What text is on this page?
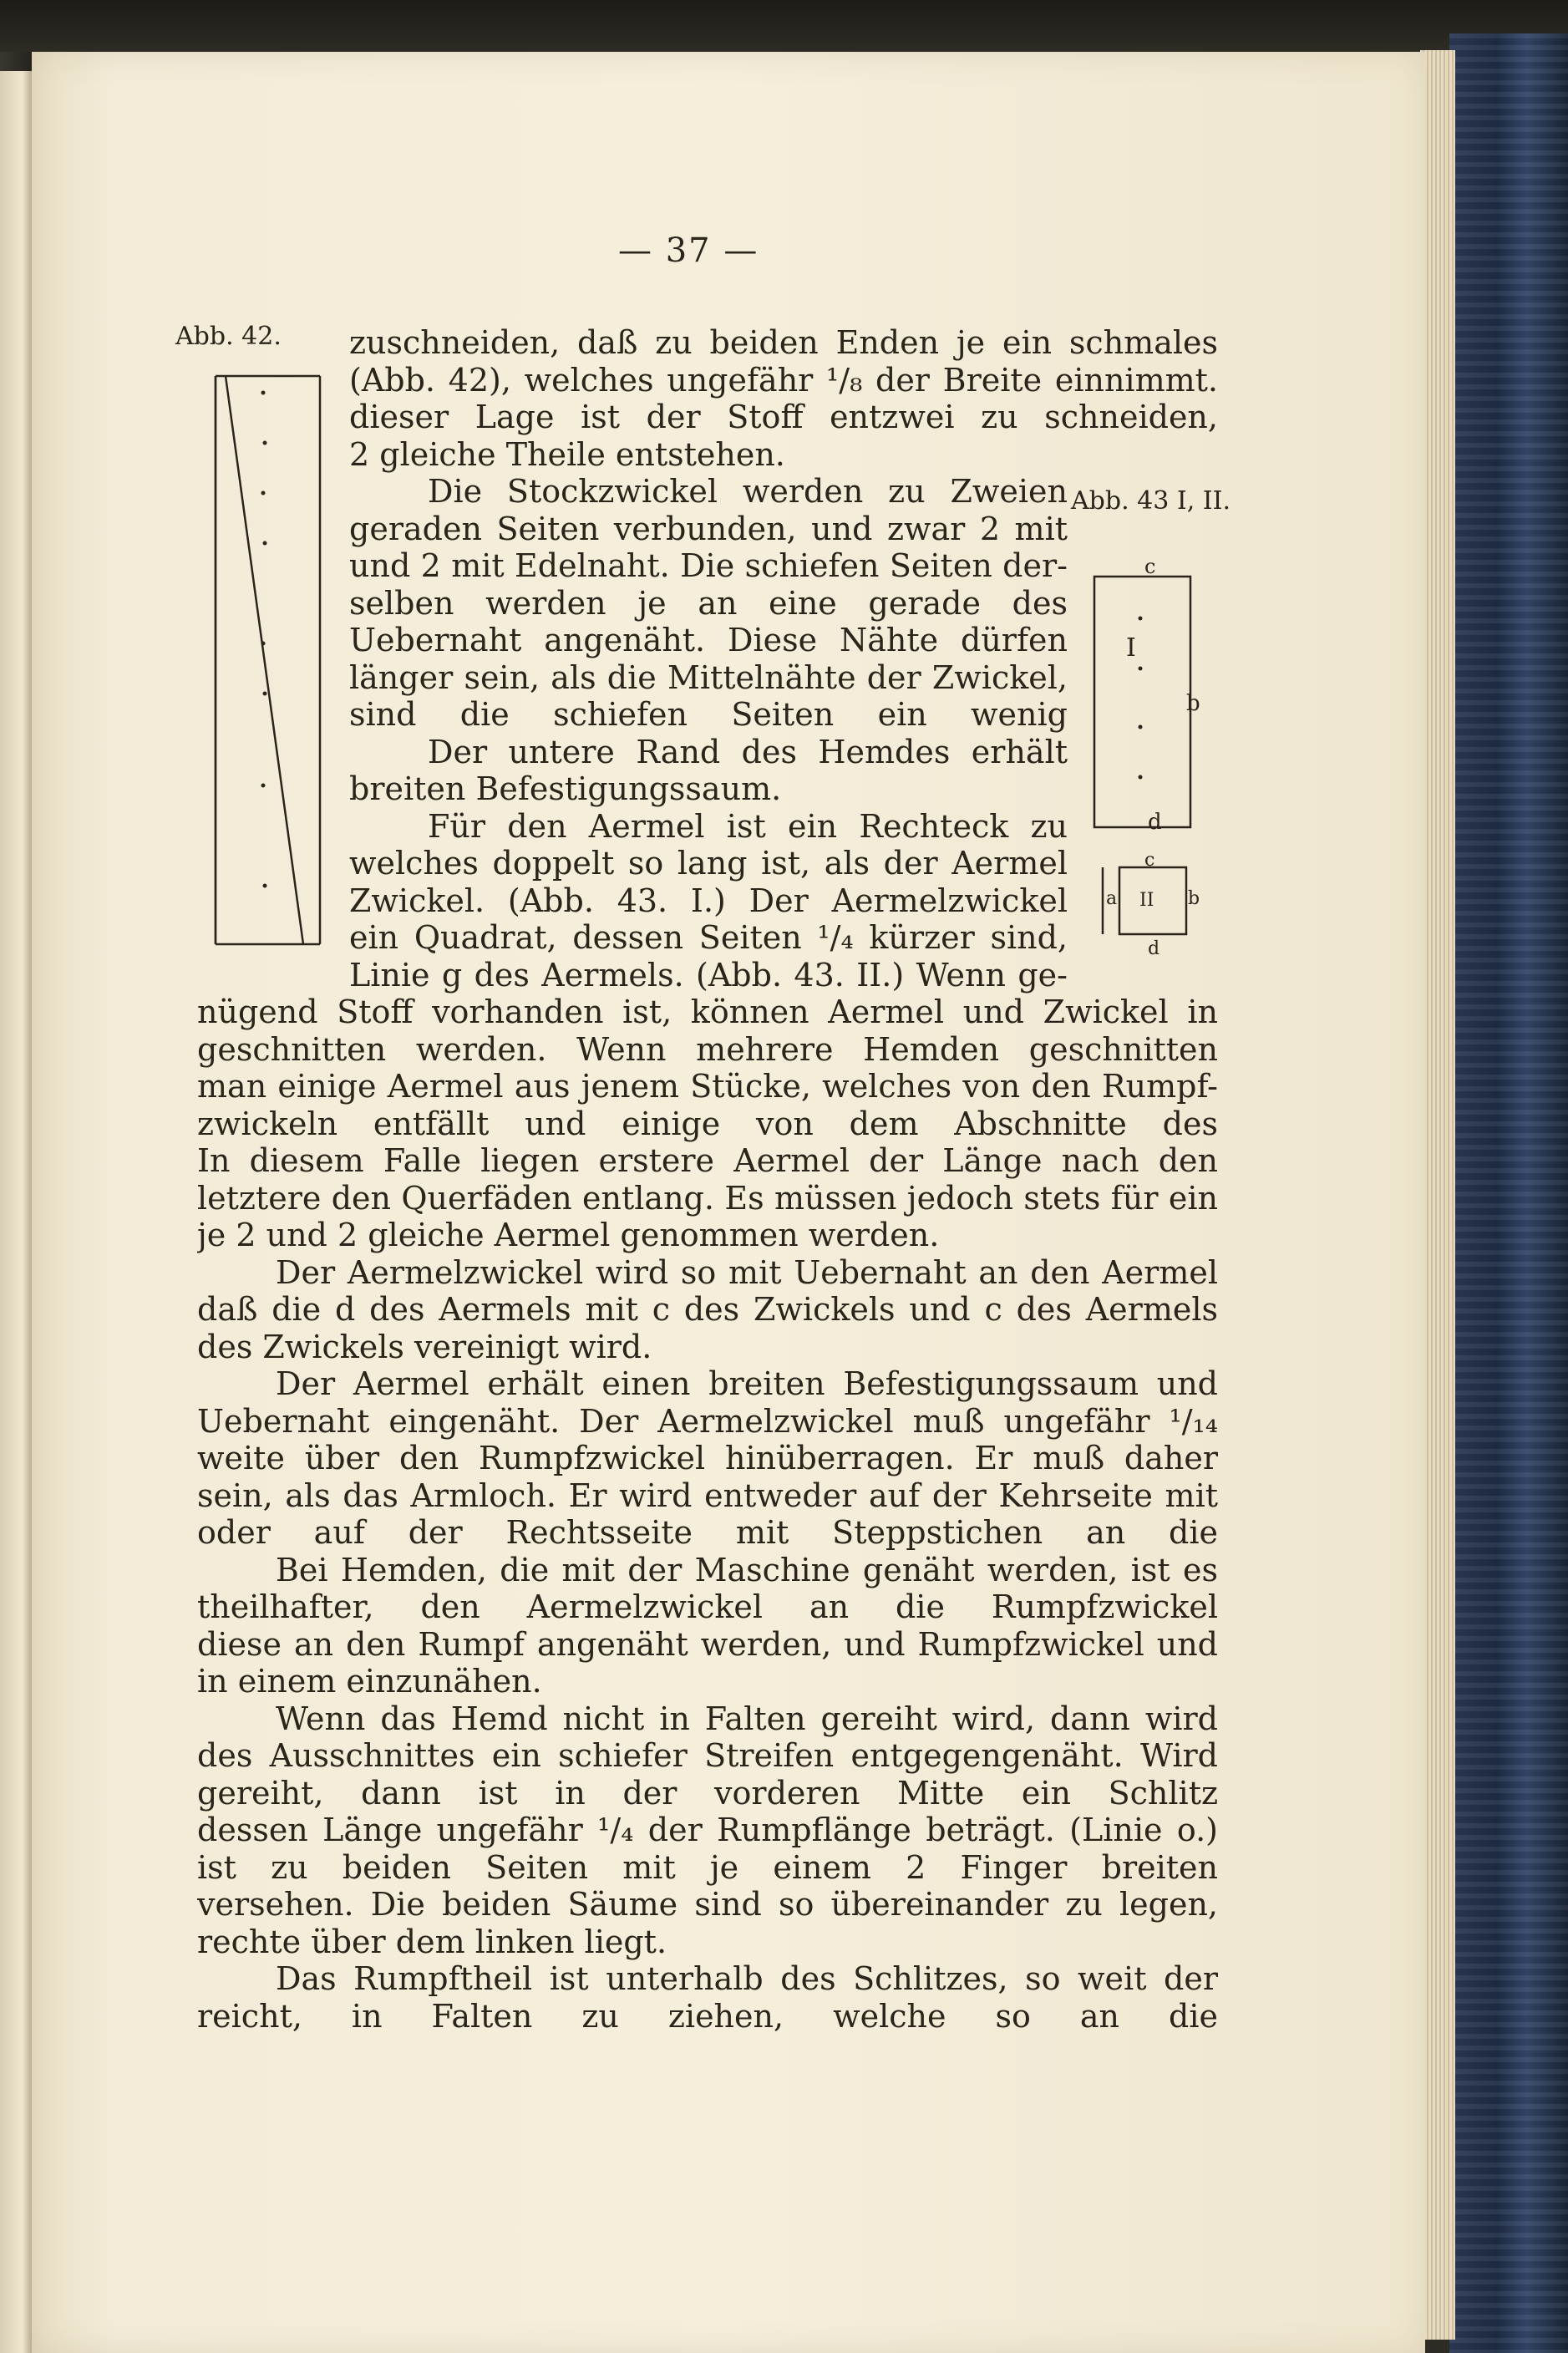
— 37 —
Abb. 42.
Abb. 43 I, II.
c
I
b
d
c
a II b
d
zuschneiden, daß zu beiden Enden je ein schmales
(Abb. 42), welches ungefähr ¹/₈ der Breite einnimmt.
dieser Lage ist der Stoff entzwei zu schneiden,
2 gleiche Theile entstehen.
Die Stockzwickel werden zu Zweien
geraden Seiten verbunden, und zwar 2 mit
und 2 mit Edelnaht. Die schiefen Seiten der-
selben werden je an eine gerade des
Uebernaht angenäht. Diese Nähte dürfen
länger sein, als die Mittelnähte der Zwickel,
sind die schiefen Seiten ein wenig
Der untere Rand des Hemdes erhält
breiten Befestigungssaum.
Für den Aermel ist ein Rechteck zu
welches doppelt so lang ist, als der Aermel
Zwickel. (Abb. 43. I.) Der Aermelzwickel
ein Quadrat, dessen Seiten ¹/₄ kürzer sind,
Linie g des Aermels. (Abb. 43. II.) Wenn ge-
nügend Stoff vorhanden ist, können Aermel und Zwickel in
geschnitten werden. Wenn mehrere Hemden geschnitten
man einige Aermel aus jenem Stücke, welches von den Rumpf-
zwickeln entfällt und einige von dem Abschnitte des
In diesem Falle liegen erstere Aermel der Länge nach den
letztere den Querfäden entlang. Es müssen jedoch stets für ein
je 2 und 2 gleiche Aermel genommen werden.
Der Aermelzwickel wird so mit Uebernaht an den Aermel
daß die d des Aermels mit c des Zwickels und c des Aermels
des Zwickels vereinigt wird.
Der Aermel erhält einen breiten Befestigungssaum und
Uebernaht eingenäht. Der Aermelzwickel muß ungefähr ¹/₁₄
weite über den Rumpfzwickel hinüberragen. Er muß daher
sein, als das Armloch. Er wird entweder auf der Kehrseite mit
oder auf der Rechtsseite mit Steppstichen an die
Bei Hemden, die mit der Maschine genäht werden, ist es
theilhafter, den Aermelzwickel an die Rumpfzwickel
diese an den Rumpf angenäht werden, und Rumpfzwickel und
in einem einzunähen.
Wenn das Hemd nicht in Falten gereiht wird, dann wird
des Ausschnittes ein schiefer Streifen entgegengenäht. Wird
gereiht, dann ist in der vorderen Mitte ein Schlitz
dessen Länge ungefähr ¹/₄ der Rumpflänge beträgt. (Linie o.)
ist zu beiden Seiten mit je einem 2 Finger breiten
versehen. Die beiden Säume sind so übereinander zu legen,
rechte über dem linken liegt.
Das Rumpftheil ist unterhalb des Schlitzes, so weit der
reicht, in Falten zu ziehen, welche so an die
